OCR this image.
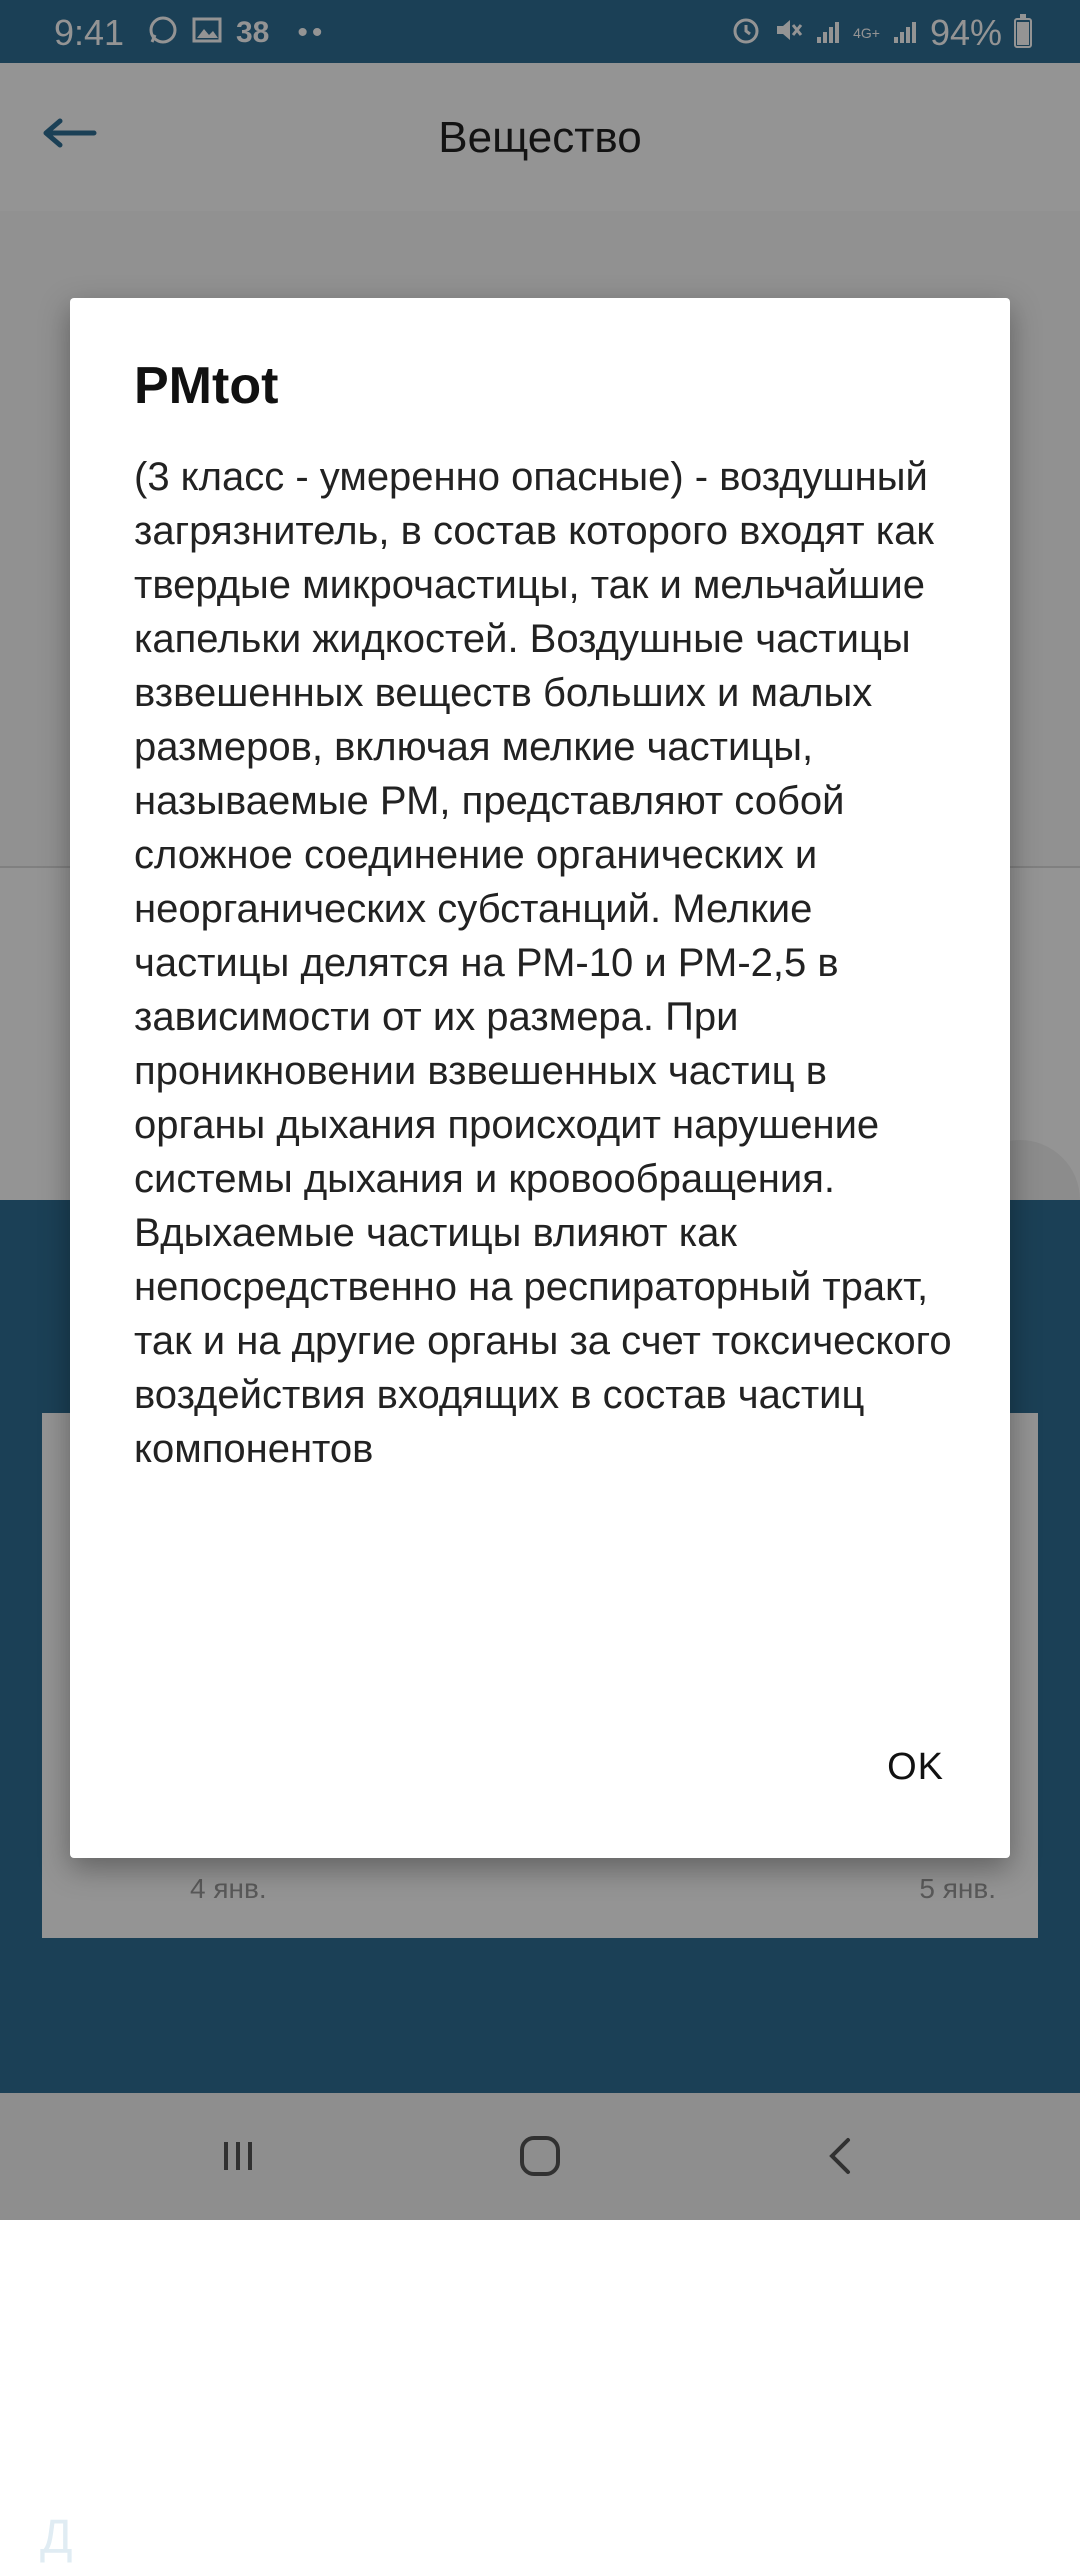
9:41	38 ••	4G+ 94%
Вещество
Д
4 янв.	5 янв.
PMtot
(3 класс - умеренно опасные) - воздушный загрязнитель, в состав которого входят как твердые микрочастицы, так и мельчайшие капельки жидкостей. Воздушные частицы взвешенных веществ больших и малых размеров, включая мелкие частицы, называемые РМ, представляют собой сложное соединение органических и неорганических субстанций. Мелкие частицы делятся на РМ-10 и РМ-2,5 в зависимости от их размера. При проникновении взвешенных частиц в органы дыхания происходит нарушение системы дыхания и кровообращения. Вдыхаемые частицы влияют как непосредственно на респираторный тракт, так и на другие органы за счет токсического воздействия входящих в состав частиц компонентов
OK
